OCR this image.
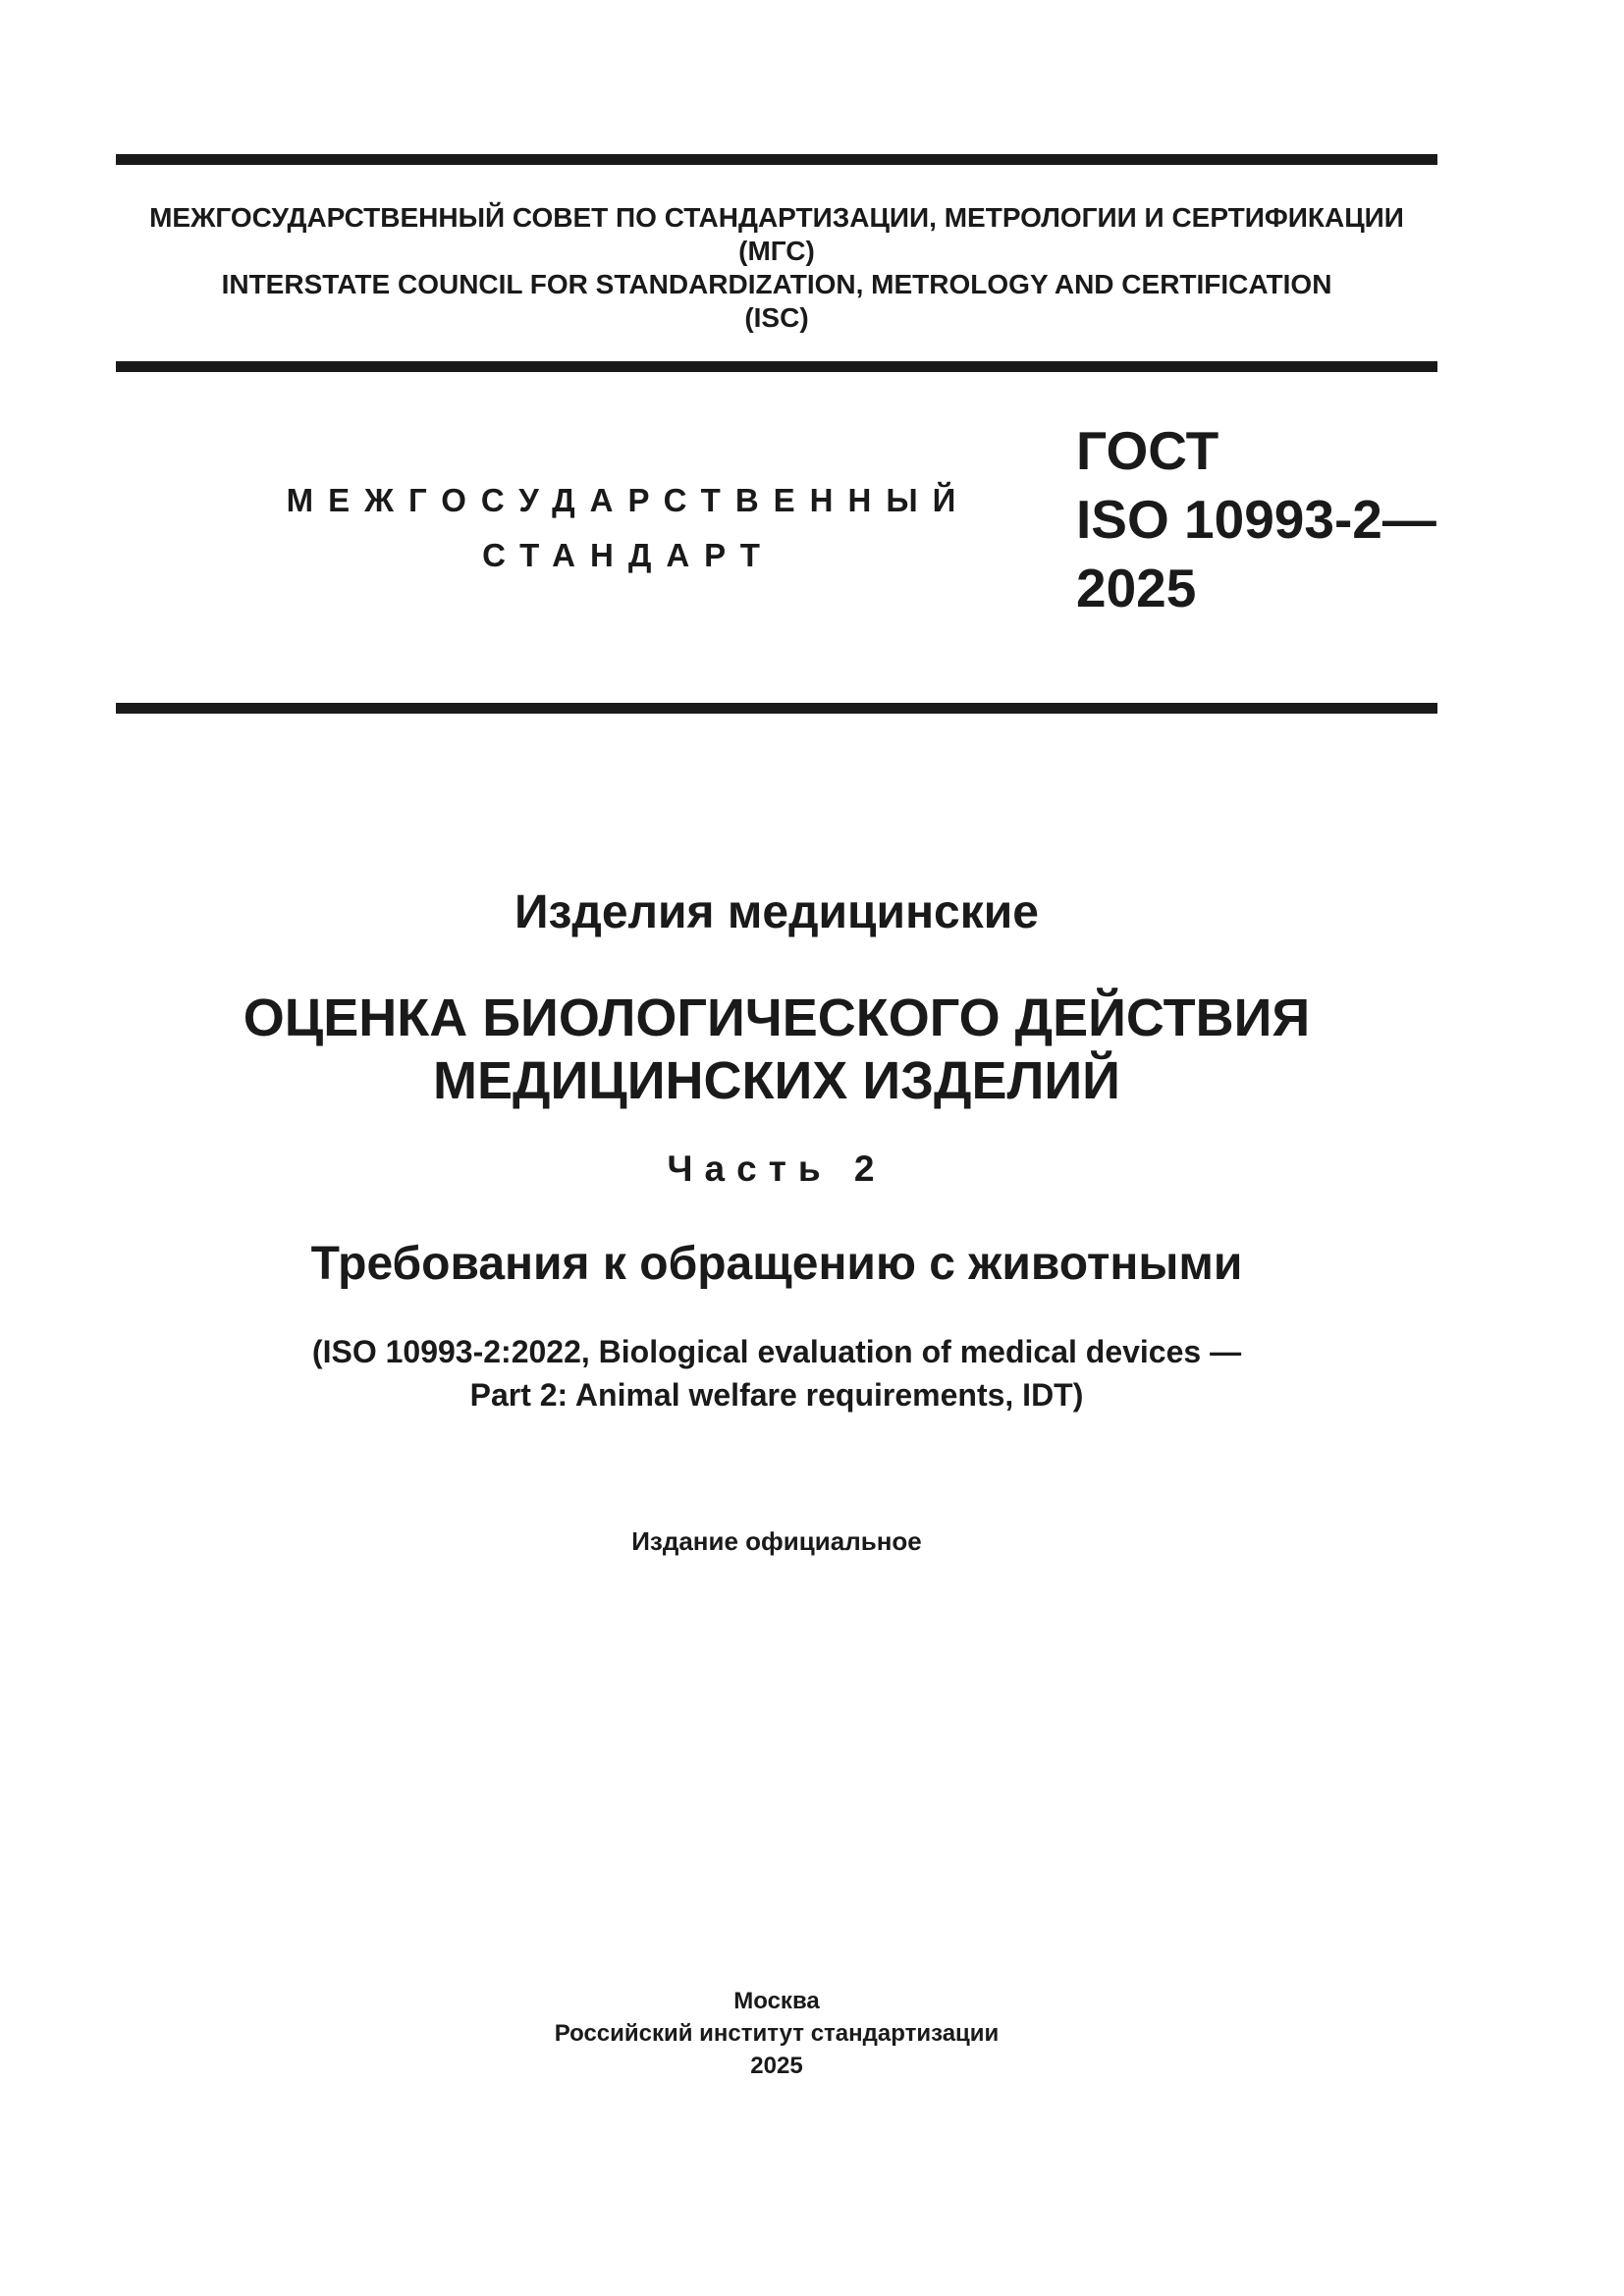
МЕЖГОСУДАРСТВЕННЫЙ СОВЕТ ПО СТАНДАРТИЗАЦИИ, МЕТРОЛОГИИ И СЕРТИФИКАЦИИ
(МГС)
INTERSTATE COUNCIL FOR STANDARDIZATION, METROLOGY AND CERTIFICATION
(ISC)
МЕЖГОСУДАРСТВЕННЫЙ
СТАНДАРТ
ГОСТ
ISO 10993-2—
2025
Изделия медицинские
ОЦЕНКА БИОЛОГИЧЕСКОГО ДЕЙСТВИЯ
МЕДИЦИНСКИХ ИЗДЕЛИЙ
Часть 2
Требования к обращению с животными
(ISO 10993-2:2022, Biological evaluation of medical devices —
Part 2: Animal welfare requirements, IDT)
Издание официальное
Москва
Российский институт стандартизации
2025
